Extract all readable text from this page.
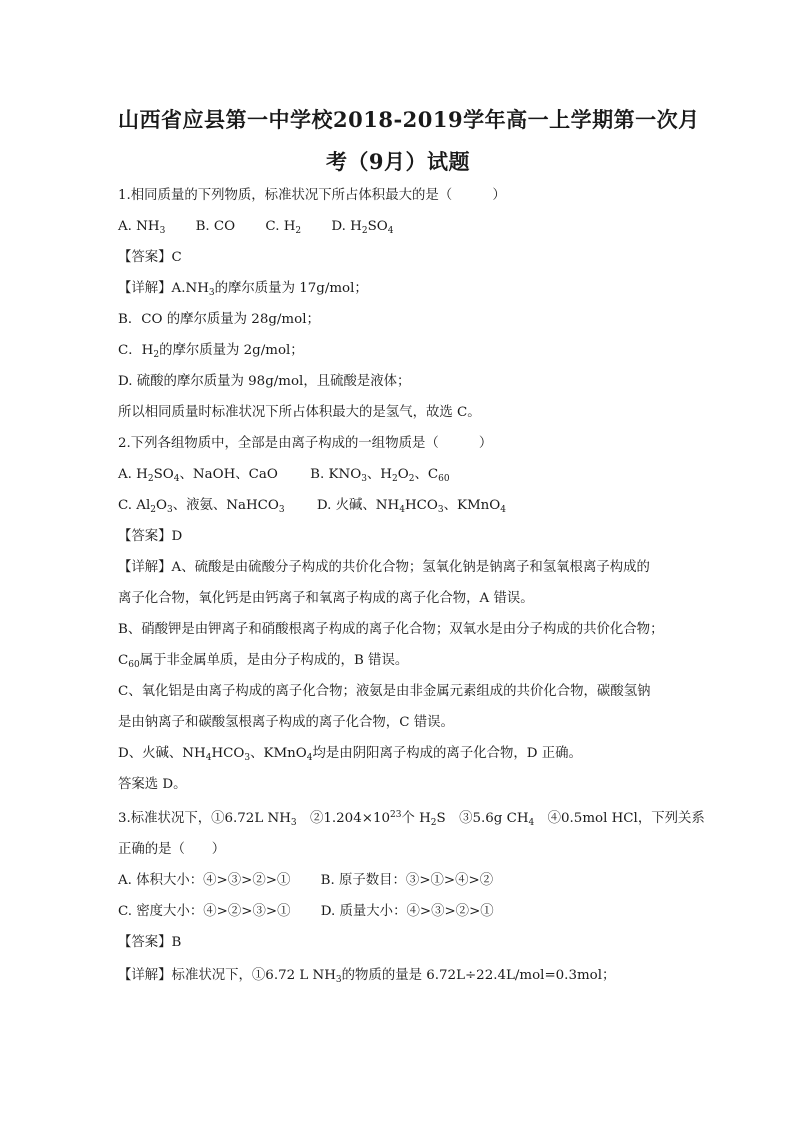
山西省应县第一中学校2018-2019学年高一上学期第一次月
考（9月）试题
1.相同质量的下列物质，标准状况下所占体积最大的是（　　　）
A. $NH_3$ B. CO C. $H_2$ D. $H_2SO_4$
【答案】C
【详解】$A.NH_3$的摩尔质量为 17g/mol；
B．CO 的摩尔质量为 28g/mol；
C．$H_2$的摩尔质量为 2g/mol；
D. 硫酸的摩尔质量为 98g/mol，且硫酸是液体；
所以相同质量时标准状况下所占体积最大的是氢气，故选 C。
2.下列各组物质中，全部是由离子构成的一组物质是（　　　）
A. $H_2SO_4$、NaOH、CaO B. $KNO_3$、$H_2O_2$、$C_{60}$
C. $Al_2O_3$、液氨、NaHCO$_3$ D. 火碱、$NH_4HCO_3$、KMnO$_4$
【答案】D
【详解】A、硫酸是由硫酸分子构成的共价化合物；氢氧化钠是钠离子和氢氧根离子构成的
离子化合物，氧化钙是由钙离子和氧离子构成的离子化合物，A 错误。
B、硝酸钾是由钾离子和硝酸根离子构成的离子化合物；双氧水是由分子构成的共价化合物；
$C_{60}$属于非金属单质，是由分子构成的，B 错误。
C、氧化铝是由离子构成的离子化合物；液氨是由非金属元素组成的共价化合物，碳酸氢钠
是由钠离子和碳酸氢根离子构成的离子化合物，C 错误。
D、火碱、$NH_4HCO_3$、KMnO$_4$均是由阴阳离子构成的离子化合物，D 正确。
答案选 D。
3.标准状况下，①6.72L $NH_3$　$②1.204\times 10^{23}$个 $H_2S$　③5.6g $CH_4$　④0.5mol HCl，下列关系
正确的是（　　）
A. 体积大小：④>③>②>① B. 原子数目：③>①>④>②
C. 密度大小：④>②>③>① D. 质量大小：④>③>②>①
【答案】B
【详解】标准状况下，①6.72 L $NH_3$的物质的量是 6.72L÷22.4L/mol=0.3mol；
